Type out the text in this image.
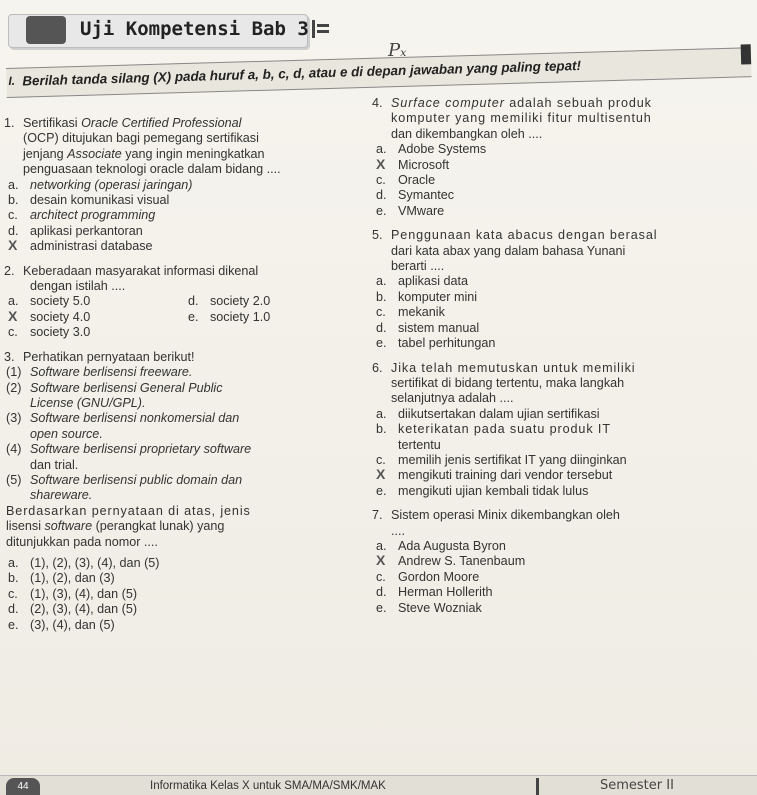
Uji Kompetensi Bab 3
Pₓ
I. Berilah tanda silang (X) pada huruf a, b, c, d, atau e di depan jawaban yang paling tepat!
1. Sertifikasi Oracle Certified Professional
(OCP) ditujukan bagi pemegang sertifikasi
jenjang Associate yang ingin meningkatkan
penguasaan teknologi oracle dalam bidang ....
a. networking (operasi jaringan)
b. desain komunikasi visual
c. architect programming
d. aplikasi perkantoran
X administrasi database
2. Keberadaan masyarakat informasi dikenal
dengan istilah ....
a. society 5.0	d. society 2.0
X society 4.0	e. society 1.0
c. society 3.0
3. Perhatikan pernyataan berikut!
(1) Software berlisensi freeware.
(2) Software berlisensi General Public
License (GNU/GPL).
(3) Software berlisensi nonkomersial dan
open source.
(4) Software berlisensi proprietary software
dan trial.
(5) Software berlisensi public domain dan
shareware.
Berdasarkan pernyataan di atas, jenis
lisensi software (perangkat lunak) yang
ditunjukkan pada nomor ....
a. (1), (2), (3), (4), dan (5)
b. (1), (2), dan (3)
c. (1), (3), (4), dan (5)
d. (2), (3), (4), dan (5)
e. (3), (4), dan (5)
4. Surface computer adalah sebuah produk
komputer yang memiliki fitur multisentuh
dan dikembangkan oleh ....
a. Adobe Systems
X Microsoft
c. Oracle
d. Symantec
e. VMware
5. Penggunaan kata abacus dengan berasal
dari kata abax yang dalam bahasa Yunani
berarti ....
a. aplikasi data
b. komputer mini
c. mekanik
d. sistem manual
e. tabel perhitungan
6. Jika telah memutuskan untuk memiliki
sertifikat di bidang tertentu, maka langkah
selanjutnya adalah ....
a. diikutsertakan dalam ujian sertifikasi
b. keterikatan pada suatu produk IT
tertentu
c. memilih jenis sertifikat IT yang diinginkan
X mengikuti training dari vendor tersebut
e. mengikuti ujian kembali tidak lulus
7. Sistem operasi Minix dikembangkan oleh
....
a. Ada Augusta Byron
X Andrew S. Tanenbaum
c. Gordon Moore
d. Herman Hollerith
e. Steve Wozniak
44	Informatika Kelas X untuk SMA/MA/SMK/MAK	Semester II
